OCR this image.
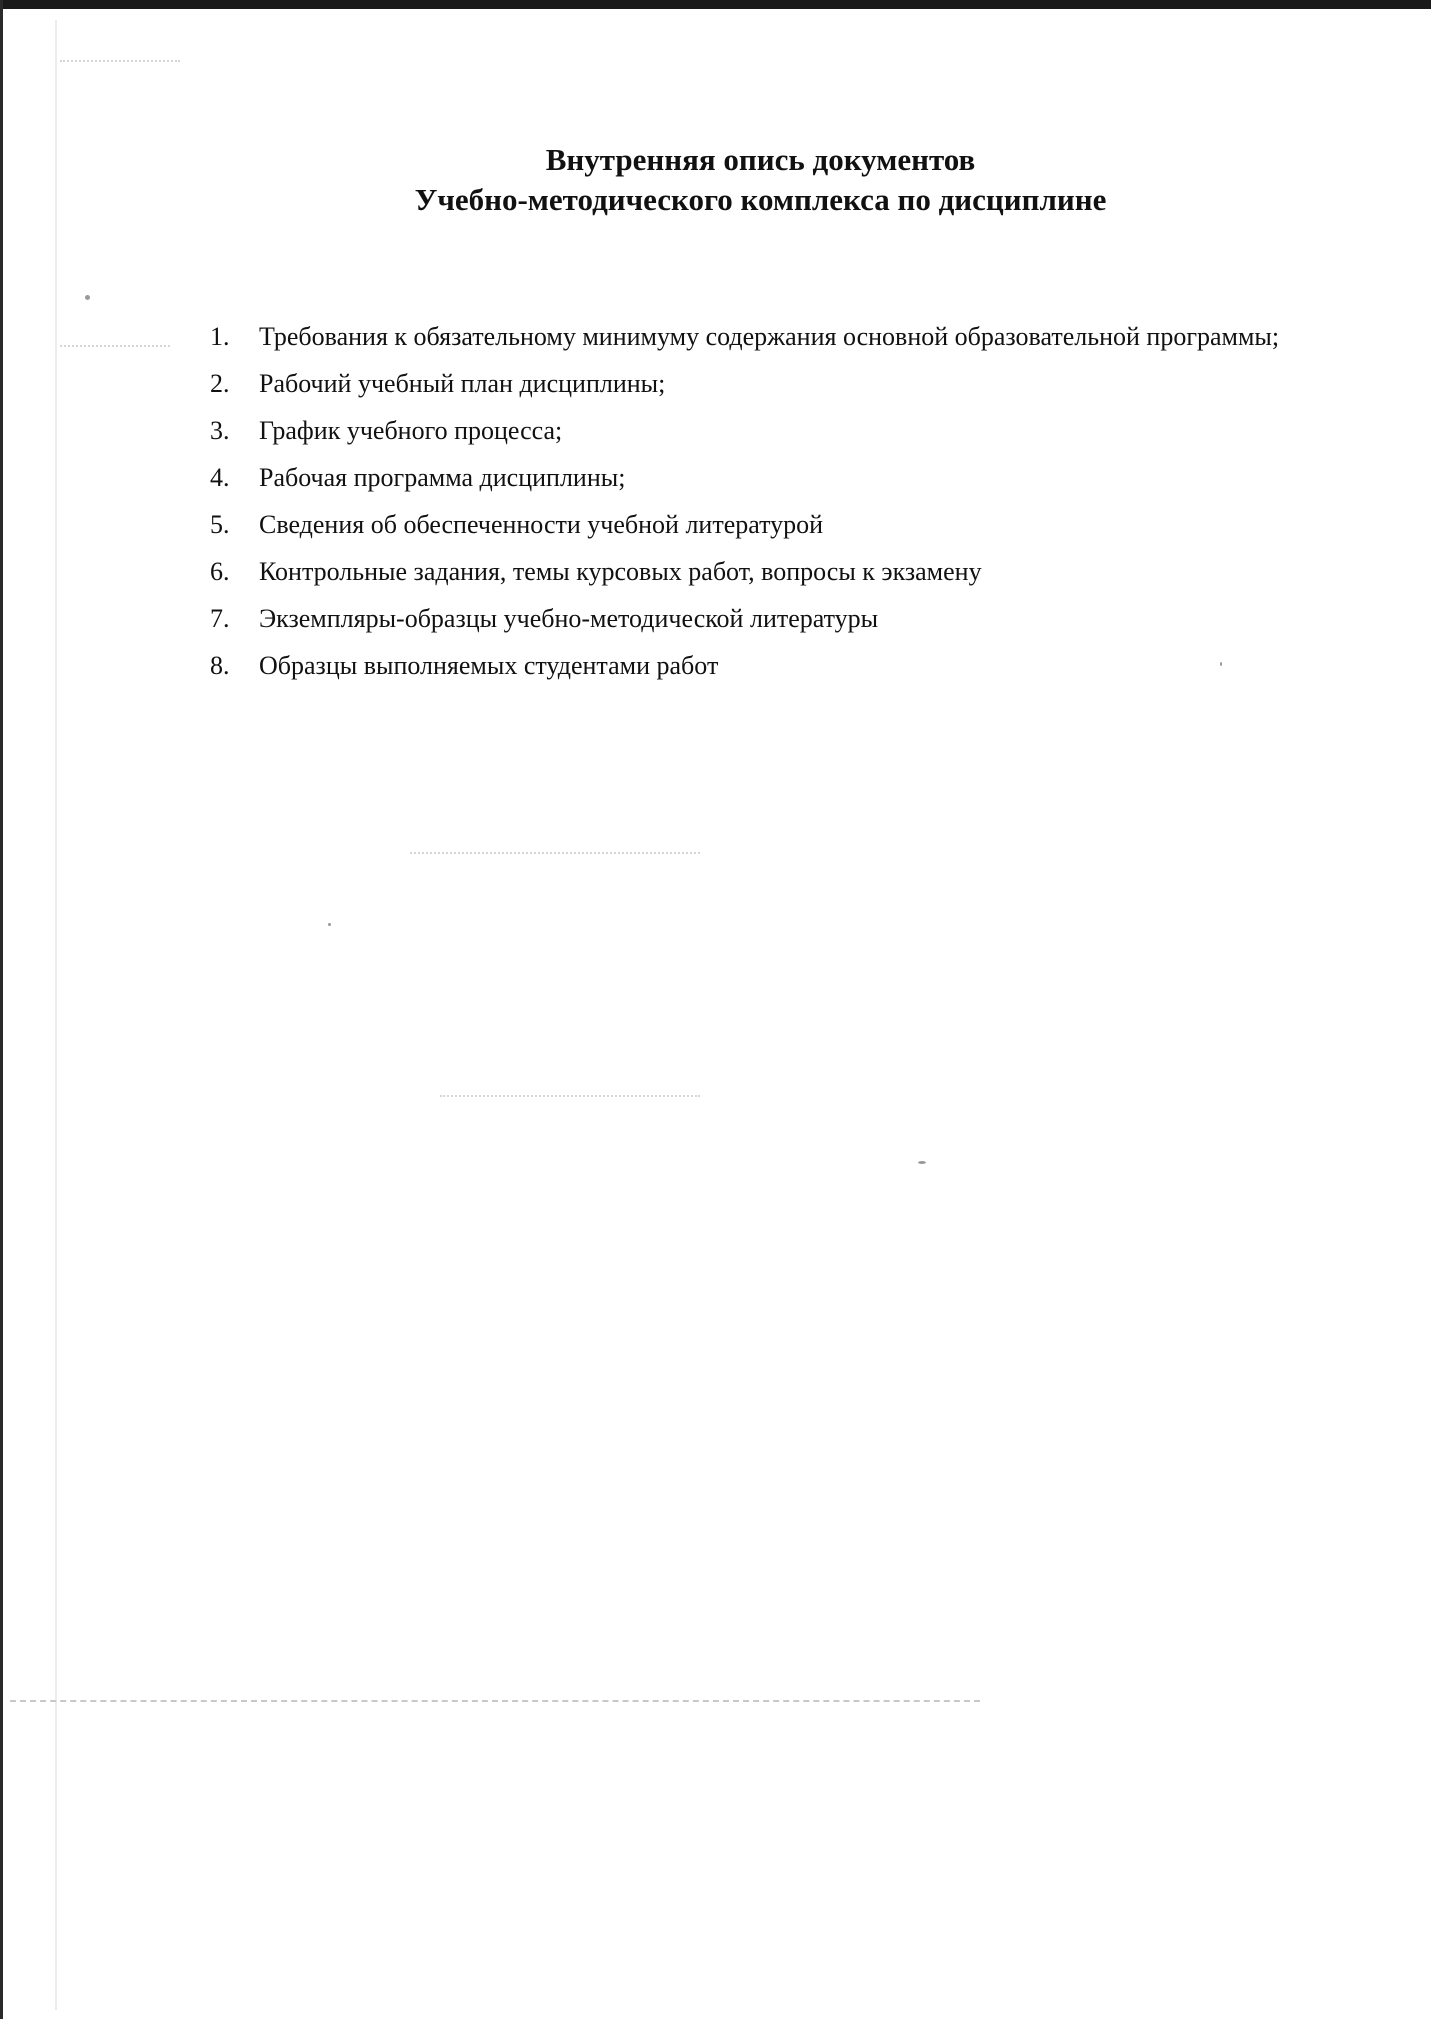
Внутренняя опись документов
Учебно-методического комплекса по дисциплине
1. Требования к обязательному минимуму содержания основной образовательной программы;
2. Рабочий учебный план дисциплины;
3. График учебного процесса;
4. Рабочая программа дисциплины;
5. Сведения об обеспеченности учебной литературой
6. Контрольные задания, темы курсовых работ, вопросы к экзамену
7. Экземпляры-образцы учебно-методической литературы
8. Образцы выполняемых студентами работ
